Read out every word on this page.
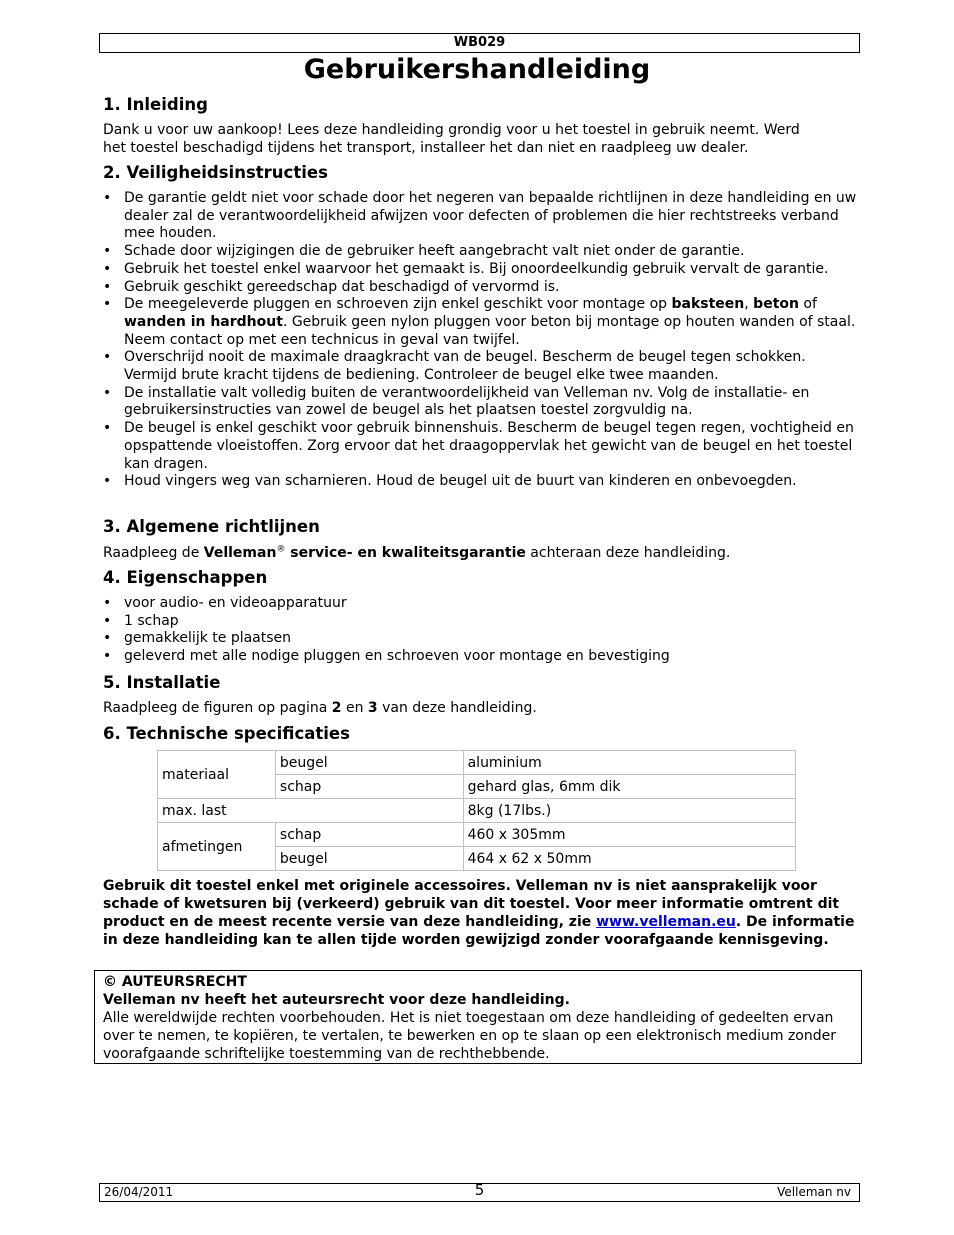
WB029
Gebruikershandleiding
1. Inleiding
Dank u voor uw aankoop! Lees deze handleiding grondig voor u het toestel in gebruik neemt. Werd
het toestel beschadigd tijdens het transport, installeer het dan niet en raadpleeg uw dealer.
2. Veiligheidsinstructies
• De garantie geldt niet voor schade door het negeren van bepaalde richtlijnen in deze handleiding en uw dealer zal de verantwoordelijkheid afwijzen voor defecten of problemen die hier rechtstreeks verband mee houden.
• Schade door wijzigingen die de gebruiker heeft aangebracht valt niet onder de garantie.
• Gebruik het toestel enkel waarvoor het gemaakt is. Bij onoordeelkundig gebruik vervalt de garantie.
• Gebruik geschikt gereedschap dat beschadigd of vervormd is.
• De meegeleverde pluggen en schroeven zijn enkel geschikt voor montage op baksteen, beton of wanden in hardhout. Gebruik geen nylon pluggen voor beton bij montage op houten wanden of staal. Neem contact op met een technicus in geval van twijfel.
• Overschrijd nooit de maximale draagkracht van de beugel. Bescherm de beugel tegen schokken. Vermijd brute kracht tijdens de bediening. Controleer de beugel elke twee maanden.
• De installatie valt volledig buiten de verantwoordelijkheid van Velleman nv. Volg de installatie- en gebruikersinstructies van zowel de beugel als het plaatsen toestel zorgvuldig na.
• De beugel is enkel geschikt voor gebruik binnenshuis. Bescherm de beugel tegen regen, vochtigheid en opspattende vloeistoffen. Zorg ervoor dat het draagoppervlak het gewicht van de beugel en het toestel kan dragen.
• Houd vingers weg van scharnieren. Houd de beugel uit de buurt van kinderen en onbevoegden.
3. Algemene richtlijnen
Raadpleeg de Velleman® service- en kwaliteitsgarantie achteraan deze handleiding.
4. Eigenschappen
• voor audio- en videoapparatuur
• 1 schap
• gemakkelijk te plaatsen
• geleverd met alle nodige pluggen en schroeven voor montage en bevestiging
5. Installatie
Raadpleeg de figuren op pagina 2 en 3 van deze handleiding.
6. Technische specificaties
materiaal	beugel	aluminium
	schap	gehard glas, 6mm dik
max. last		8kg (17lbs.)
afmetingen	schap	460 x 305mm
	beugel	464 x 62 x 50mm

Gebruik dit toestel enkel met originele accessoires. Velleman nv is niet aansprakelijk voor schade of kwetsuren bij (verkeerd) gebruik van dit toestel. Voor meer informatie omtrent dit product en de meest recente versie van deze handleiding, zie www.velleman.eu. De informatie in deze handleiding kan te allen tijde worden gewijzigd zonder voorafgaande kennisgeving.

© AUTEURSRECHT
Velleman nv heeft het auteursrecht voor deze handleiding.
Alle wereldwijde rechten voorbehouden. Het is niet toegestaan om deze handleiding of gedeelten ervan over te nemen, te kopiëren, te vertalen, te bewerken en op te slaan op een elektronisch medium zonder voorafgaande schriftelijke toestemming van de rechthebbende.
26/04/2011	5	Velleman nv
